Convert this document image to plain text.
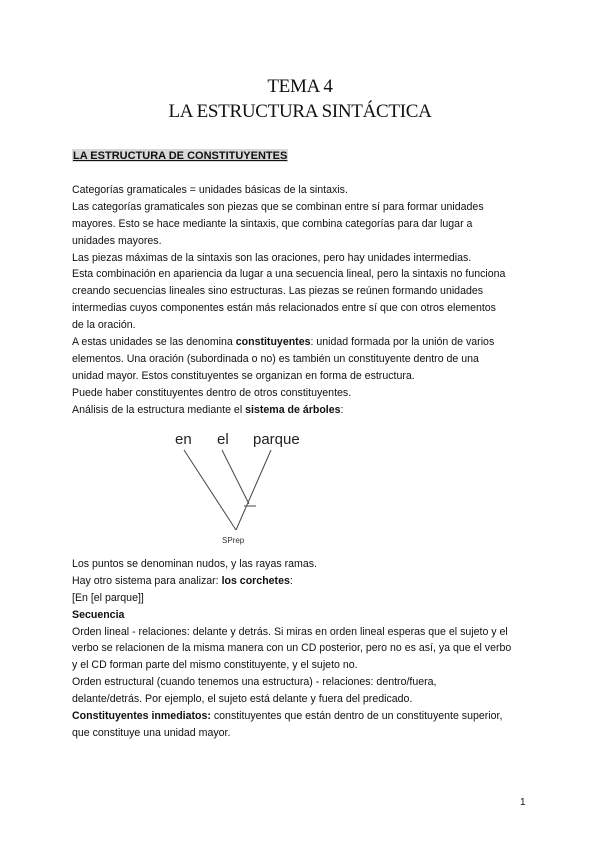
TEMA 4
LA ESTRUCTURA SINTÁCTICA
LA ESTRUCTURA DE CONSTITUYENTES
Categorías gramaticales = unidades básicas de la sintaxis.
Las categorías gramaticales son piezas que se combinan entre sí para formar unidades
mayores. Esto se hace mediante la sintaxis, que combina categorías para dar lugar a
unidades mayores.
Las piezas máximas de la sintaxis son las oraciones, pero hay unidades intermedias.
Esta combinación en apariencia da lugar a una secuencia lineal, pero la sintaxis no funciona
creando secuencias lineales sino estructuras. Las piezas se reúnen formando unidades
intermedias cuyos componentes están más relacionados entre sí que con otros elementos
de la oración.
A estas unidades se las denomina constituyentes: unidad formada por la unión de varios
elementos. Una oración (subordinada o no) es también un constituyente dentro de una
unidad mayor. Estos constituyentes se organizan en forma de estructura.
Puede haber constituyentes dentro de otros constituyentes.
Análisis de la estructura mediante el sistema de árboles:
en el parque
SPrep
Los puntos se denominan nudos, y las rayas ramas.
Hay otro sistema para analizar: los corchetes:
[En [el parque]]
Secuencia
Orden lineal - relaciones: delante y detrás. Si miras en orden lineal esperas que el sujeto y el
verbo se relacionen de la misma manera con un CD posterior, pero no es así, ya que el verbo
y el CD forman parte del mismo constituyente, y el sujeto no.
Orden estructural (cuando tenemos una estructura) - relaciones: dentro/fuera,
delante/detrás. Por ejemplo, el sujeto está delante y fuera del predicado.
Constituyentes inmediatos: constituyentes que están dentro de un constituyente superior,
que constituye una unidad mayor.
1
